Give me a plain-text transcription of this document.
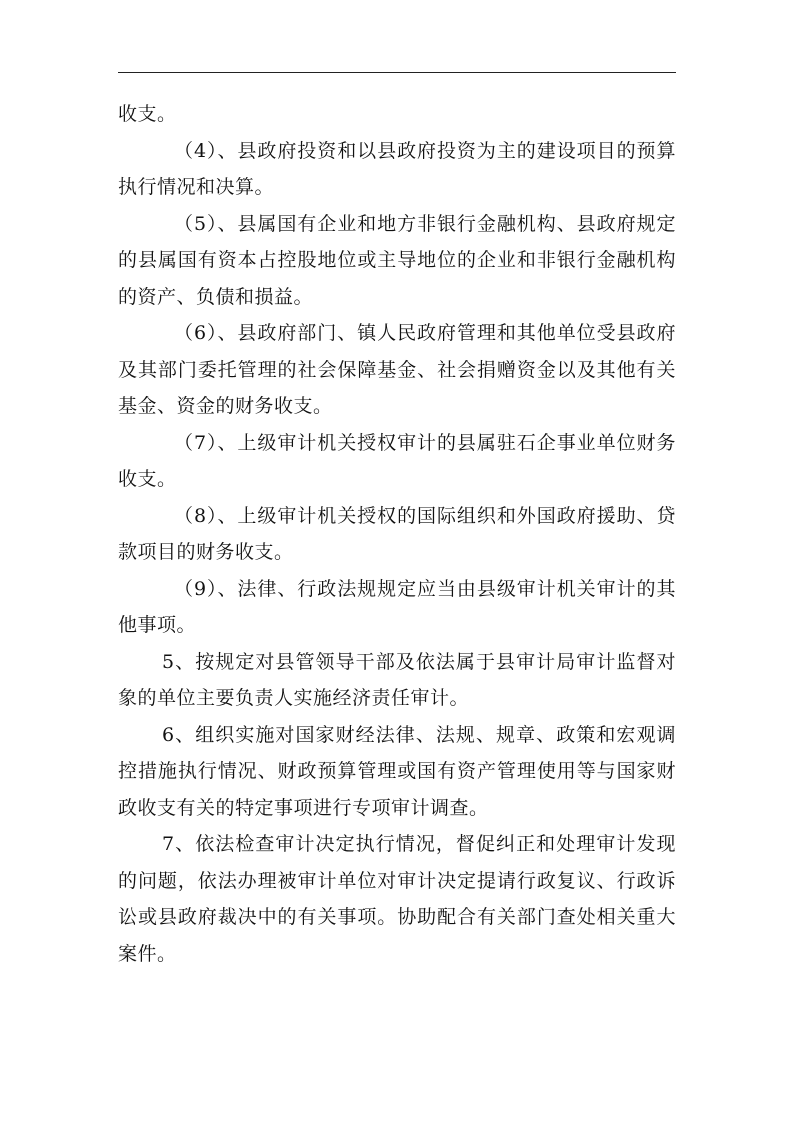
收支。

（4）、县政府投资和以县政府投资为主的建设项目的预算执行情况和决算。

（5）、县属国有企业和地方非银行金融机构、县政府规定的县属国有资本占控股地位或主导地位的企业和非银行金融机构的资产、负债和损益。

（6）、县政府部门、镇人民政府管理和其他单位受县政府及其部门委托管理的社会保障基金、社会捐赠资金以及其他有关基金、资金的财务收支。

（7）、上级审计机关授权审计的县属驻石企事业单位财务收支。

（8）、上级审计机关授权的国际组织和外国政府援助、贷款项目的财务收支。

（9）、法律、行政法规规定应当由县级审计机关审计的其他事项。

5、按规定对县管领导干部及依法属于县审计局审计监督对象的单位主要负责人实施经济责任审计。

6、组织实施对国家财经法律、法规、规章、政策和宏观调控措施执行情况、财政预算管理或国有资产管理使用等与国家财政收支有关的特定事项进行专项审计调查。

7、依法检查审计决定执行情况，督促纠正和处理审计发现的问题，依法办理被审计单位对审计决定提请行政复议、行政诉讼或县政府裁决中的有关事项。协助配合有关部门查处相关重大案件。
